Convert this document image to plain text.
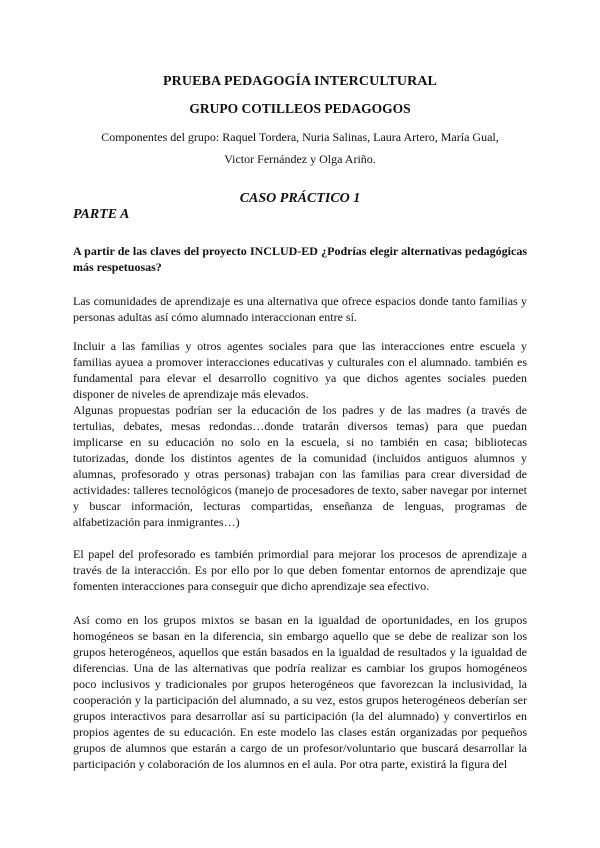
PRUEBA PEDAGOGÍA INTERCULTURAL
GRUPO COTILLEOS PEDAGOGOS
Componentes del grupo: Raquel Tordera, Nuria Salinas, Laura Artero, María Gual,
Victor Fernández y Olga Ariño.
CASO PRÁCTICO 1
PARTE A

A partir de las claves del proyecto INCLUD-ED ¿Podrías elegir alternativas pedagógicas más respetuosas?

Las comunidades de aprendizaje es una alternativa que ofrece espacios donde tanto familias y personas adultas así cómo alumnado interaccionan entre sí.

Incluir a las familias y otros agentes sociales para que las interacciones entre escuela y familias ayuea a promover interacciones educativas y culturales con el alumnado. también es fundamental para elevar el desarrollo cognitivo ya que dichos agentes sociales pueden disponer de niveles de aprendizaje más elevados.
Algunas propuestas podrían ser la educación de los padres y de las madres (a través de tertulias, debates, mesas redondas…donde tratarán diversos temas) para que puedan implicarse en su educación no solo en la escuela, si no también en casa; bibliotecas tutorizadas, donde los distintos agentes de la comunidad (incluidos antiguos alumnos y alumnas, profesorado y otras personas) trabajan con las familias para crear diversidad de actividades: talleres tecnológicos (manejo de procesadores de texto, saber navegar por internet y buscar información, lecturas compartidas, enseñanza de lenguas, programas de alfabetización para inmigrantes…)

El papel del profesorado es también primordial para mejorar los procesos de aprendizaje a través de la interacción. Es por ello por lo que deben fomentar entornos de aprendizaje que fomenten interacciones para conseguir que dicho aprendizaje sea efectivo.

Así como en los grupos mixtos se basan en la igualdad de oportunidades, en los grupos homogéneos se basan en la diferencia, sin embargo aquello que se debe de realizar son los grupos heterogéneos, aquellos que están basados en la igualdad de resultados y la igualdad de diferencias. Una de las alternativas que podría realizar es cambiar los grupos homogéneos poco inclusivos y tradicionales por grupos heterogéneos que favorezcan la inclusividad, la cooperación y la participación del alumnado, a su vez, estos grupos heterogéneos deberían ser grupos interactivos para desarrollar así su participación (la del alumnado) y convertirlos en propios agentes de su educación. En este modelo las clases están organizadas por pequeños grupos de alumnos que estarán a cargo de un profesor/voluntario que buscará desarrollar la participación y colaboración de los alumnos en el aula. Por otra parte, existirá la figura del
